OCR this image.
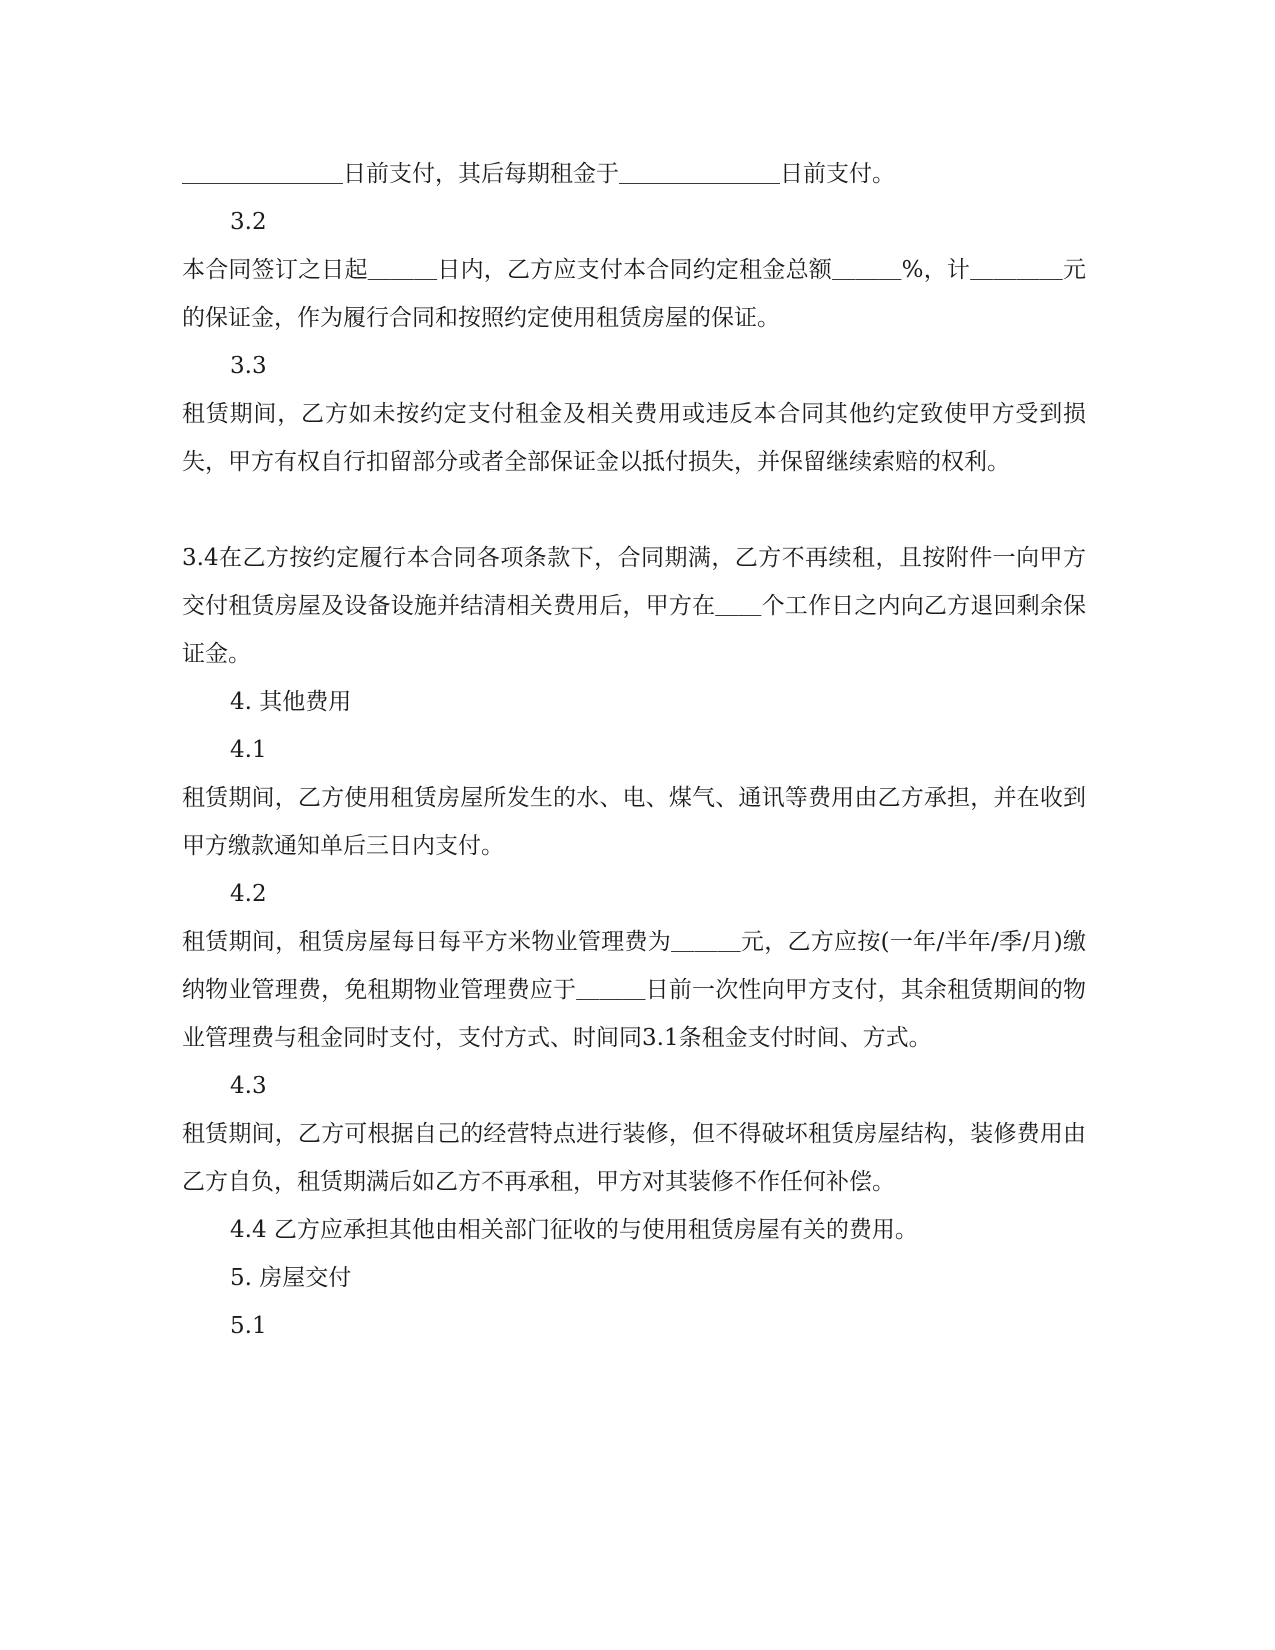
＿＿＿＿＿＿＿日前支付，其后每期租金于＿＿＿＿＿＿＿日前支付。

3.2

本合同签订之日起＿＿＿日内，乙方应支付本合同约定租金总额＿＿＿%，计＿＿＿＿元的保证金，作为履行合同和按照约定使用租赁房屋的保证。

3.3

租赁期间，乙方如未按约定支付租金及相关费用或违反本合同其他约定致使甲方受到损失，甲方有权自行扣留部分或者全部保证金以抵付损失，并保留继续索赔的权利。

3.4在乙方按约定履行本合同各项条款下，合同期满，乙方不再续租，且按附件一向甲方交付租赁房屋及设备设施并结清相关费用后，甲方在＿＿个工作日之内向乙方退回剩余保证金。

4. 其他费用

4.1

租赁期间，乙方使用租赁房屋所发生的水、电、煤气、通讯等费用由乙方承担，并在收到甲方缴款通知单后三日内支付。

4.2

租赁期间，租赁房屋每日每平方米物业管理费为＿＿＿元，乙方应按(一年/半年/季/月)缴纳物业管理费，免租期物业管理费应于＿＿＿日前一次性向甲方支付，其余租赁期间的物业管理费与租金同时支付，支付方式、时间同3.1条租金支付时间、方式。

4.3

租赁期间，乙方可根据自己的经营特点进行装修，但不得破坏租赁房屋结构，装修费用由乙方自负，租赁期满后如乙方不再承租，甲方对其装修不作任何补偿。

4.4 乙方应承担其他由相关部门征收的与使用租赁房屋有关的费用。

5. 房屋交付

5.1
